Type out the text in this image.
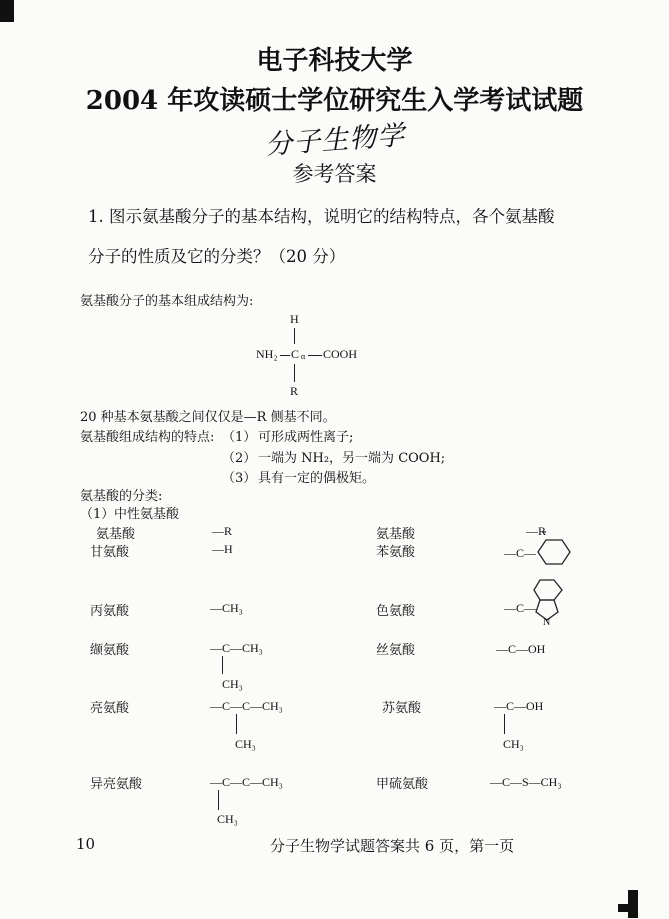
电子科技大学
2004 年攻读硕士学位研究生入学考试试题
分子生物学
参考答案
1. 图示氨基酸分子的基本结构，说明它的结构特点，各个氨基酸
分子的性质及它的分类？（20 分）
氨基酸分子的基本组成结构为:
H
NH₂ C α COOH
R
20 种基本氨基酸之间仅仅是—R 侧基不同。
氨基酸组成结构的特点: （1） 可形成两性离子;
（2） 一端为 NH₂，另一端为 COOH;
（3） 具有一定的偶极矩。
氨基酸的分类:
（1） 中性氨基酸
氨基酸	—R
甘氨酸	—H
丙氨酸	—CH₃
缬氨酸	—C—CH₃
CH₃
亮氨酸	—C—C—CH₃
CH₃
异亮氨酸	—C—C—CH₃
CH₃
氨基酸	—R
苯氨酸	—C—
色氨酸	—C—
N
丝氨酸	—C—OH
苏氨酸	—C—OH
CH₃
甲硫氨酸	—C—S—CH₃
10	分子生物学试题答案共 6 页，第一页
